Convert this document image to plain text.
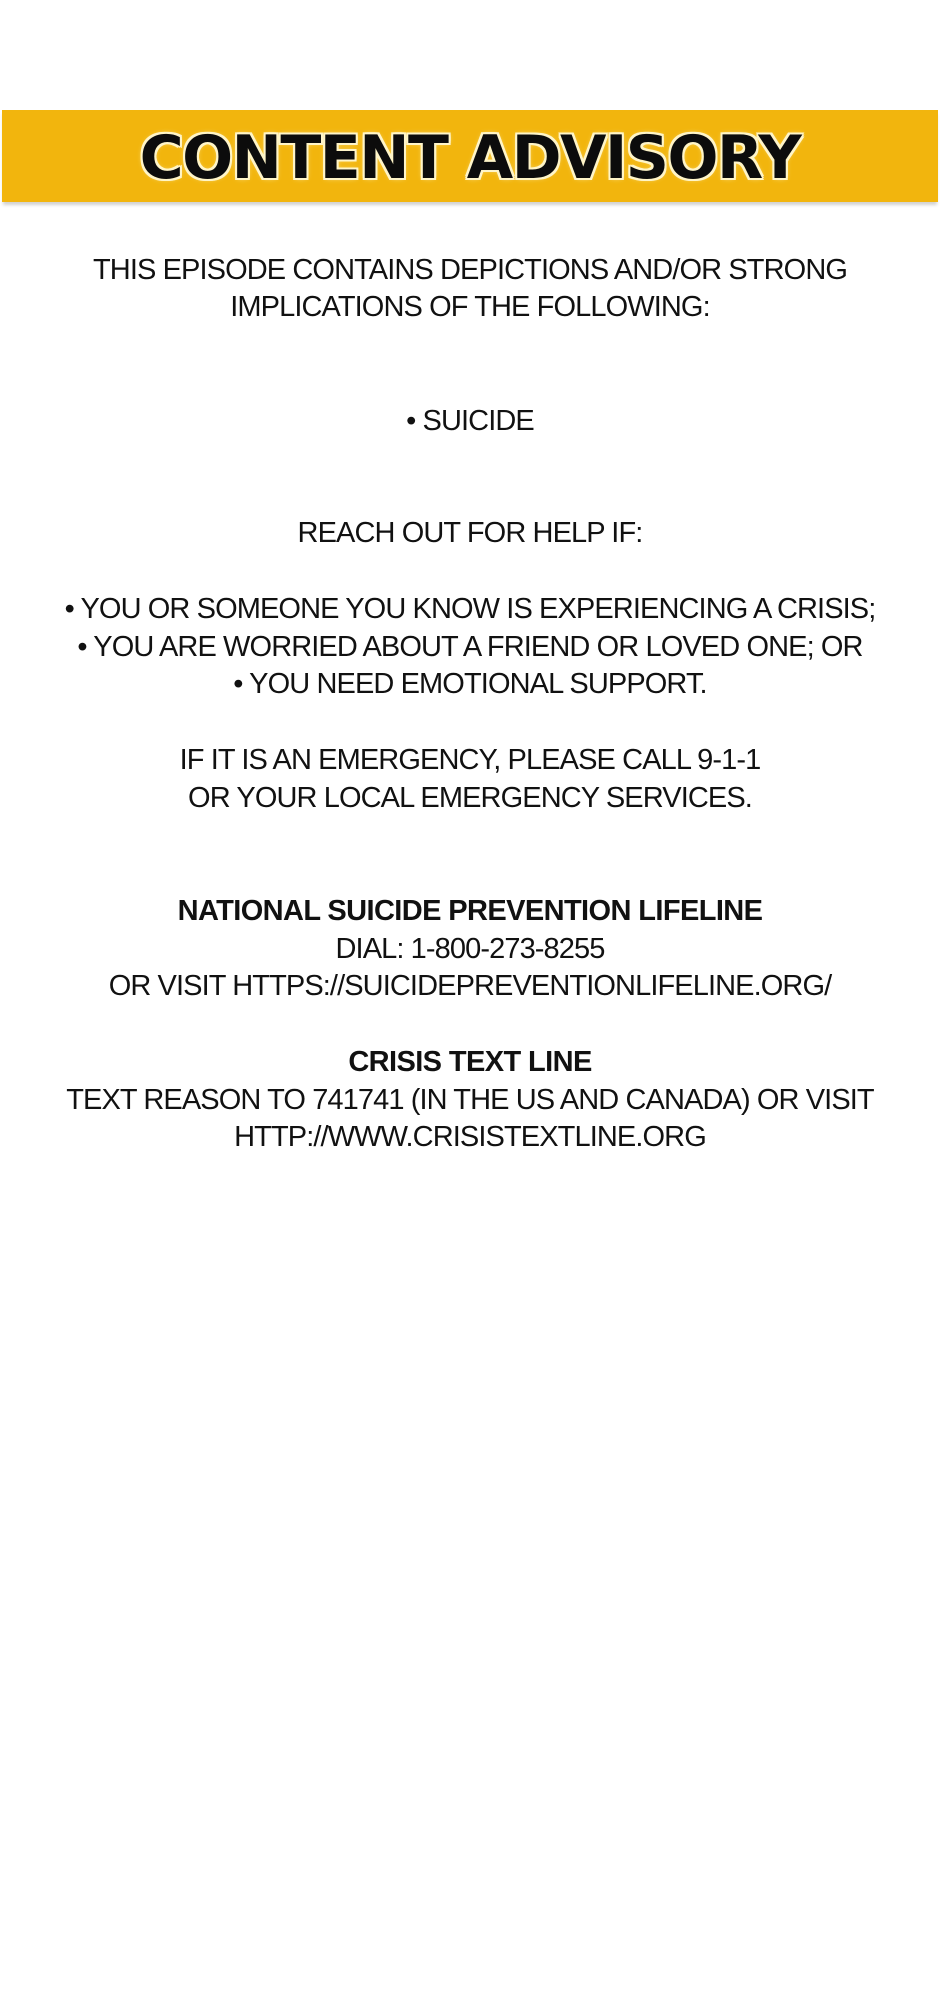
CONTENT ADVISORY
THIS EPISODE CONTAINS DEPICTIONS AND/OR STRONG
IMPLICATIONS OF THE FOLLOWING:
• SUICIDE
REACH OUT FOR HELP IF:
• YOU OR SOMEONE YOU KNOW IS EXPERIENCING A CRISIS;
• YOU ARE WORRIED ABOUT A FRIEND OR LOVED ONE; OR
• YOU NEED EMOTIONAL SUPPORT.
IF IT IS AN EMERGENCY, PLEASE CALL 9-1-1
OR YOUR LOCAL EMERGENCY SERVICES.
NATIONAL SUICIDE PREVENTION LIFELINE
DIAL: 1-800-273-8255
OR VISIT HTTPS://SUICIDEPREVENTIONLIFELINE.ORG/
CRISIS TEXT LINE
TEXT REASON TO 741741 (IN THE US AND CANADA) OR VISIT
HTTP://WWW.CRISISTEXTLINE.ORG
